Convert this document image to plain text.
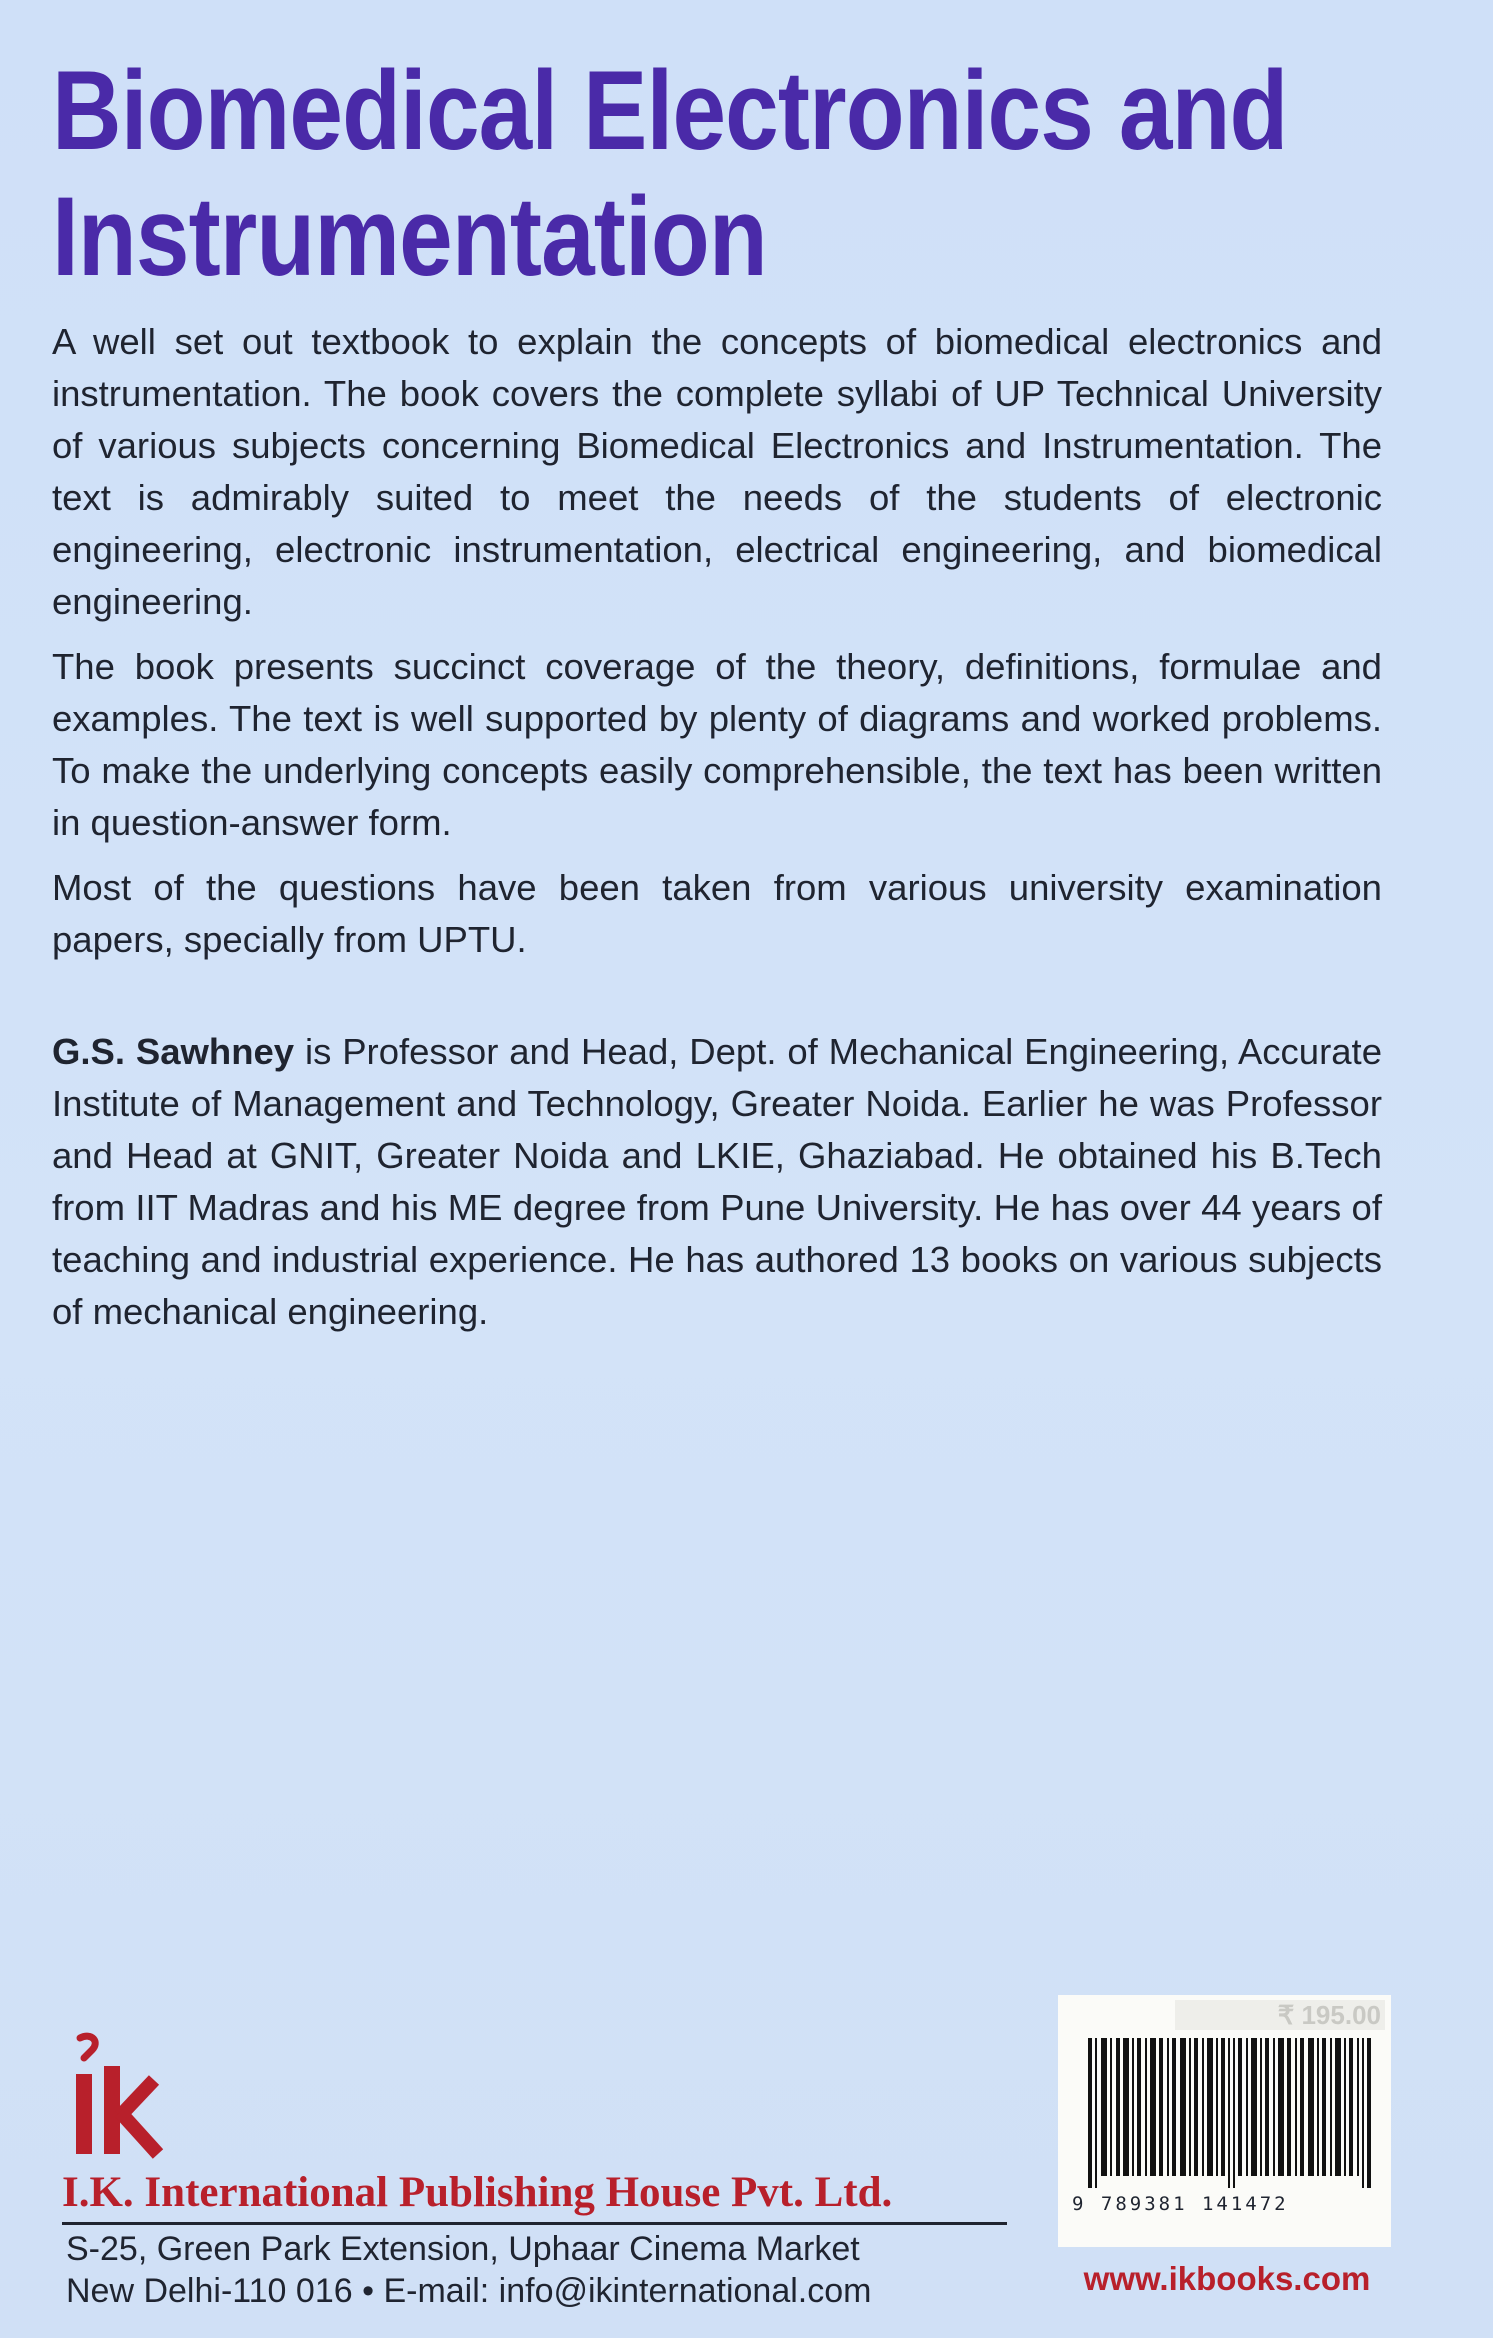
Biomedical Electronics and
Instrumentation

A well set out textbook to explain the concepts of biomedical electronics and instrumentation. The book covers the complete syllabi of UP Technical University of various subjects concerning Biomedical Electronics and Instrumentation. The text is admirably suited to meet the needs of the students of electronic engineering, electronic instrumentation, electrical engineering, and biomedical engineering.

The book presents succinct coverage of the theory, definitions, formulae and examples. The text is well supported by plenty of diagrams and worked problems. To make the underlying concepts easily comprehensible, the text has been written in question-answer form.

Most of the questions have been taken from various university examination papers, specially from UPTU.

G.S. Sawhney is Professor and Head, Dept. of Mechanical Engineering, Accurate Institute of Management and Technology, Greater Noida. Earlier he was Professor and Head at GNIT, Greater Noida and LKIE, Ghaziabad. He obtained his B.Tech from IIT Madras and his ME degree from Pune University. He has over 44 years of teaching and industrial experience. He has authored 13 books on various subjects of mechanical engineering.

I.K. International Publishing House Pvt. Ltd.
S-25, Green Park Extension, Uphaar Cinema Market
New Delhi-110 016 • E-mail: info@ikinternational.com
₹ 195.00
9 789381 141472
www.ikbooks.com
